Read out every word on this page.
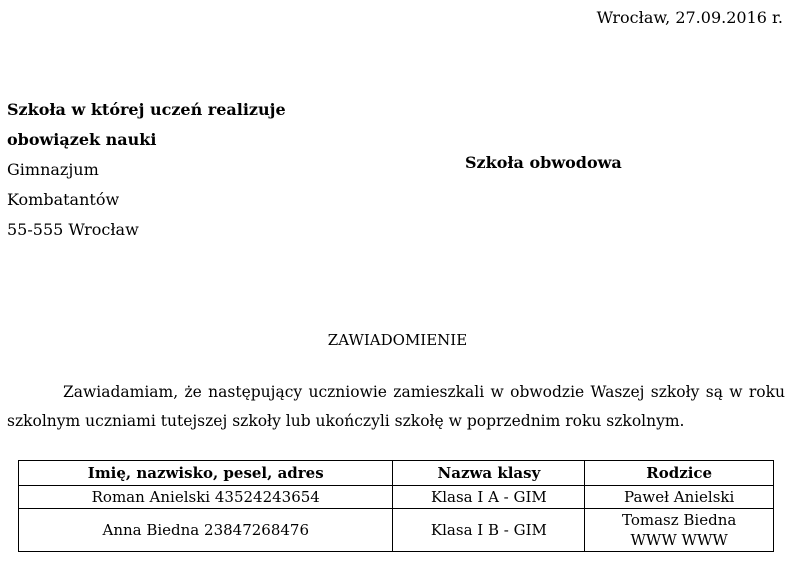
Wrocław, 27.09.2016 r.
Szkoła w której uczeń realizuje
obowiązek nauki
Gimnazjum
Kombatantów
55-555 Wrocław
Szkoła obwodowa
ZAWIADOMIENIE
Zawiadamiam, że następujący uczniowie zamieszkali w obwodzie Waszej szkoły są w roku szkolnym uczniami tutejszej szkoły lub ukończyli szkołę w poprzednim roku szkolnym.
Imię, nazwisko, pesel, adres	Nazwa klasy	Rodzice
Roman Anielski 43524243654	Klasa I A - GIM	Paweł Anielski

Anna Biedna 23847268476	Klasa I B - GIM	Tomasz Biedna
WWW WWW
